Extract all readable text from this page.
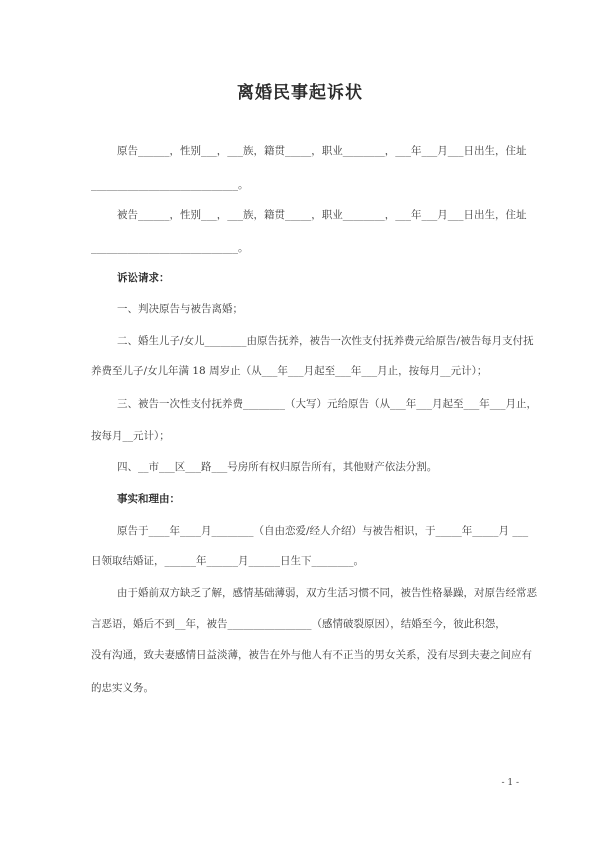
离婚民事起诉状
原告______，性别___，___族，籍贯_____，职业________，___年___月___日出生，住址
____________________________。
被告______，性别___，___族，籍贯_____，职业________，___年___月___日出生，住址
____________________________。
诉讼请求：
一、判决原告与被告离婚；
二、婚生儿子/女儿________由原告抚养，被告一次性支付抚养费元给原告/被告每月支付抚
养费至儿子/女儿年满 18 周岁止（从___年___月起至___年___月止，按每月__元计）；
三、被告一次性支付抚养费________（大写）元给原告（从___年___月起至___年___月止，
按每月__元计）；
四、__市___区___路___号房所有权归原告所有，其他财产依法分割。
事实和理由：
原告于____年____月________（自由恋爱/经人介绍）与被告相识，于_____年_____月 ___
日领取结婚证，______年______月______日生下________。
由于婚前双方缺乏了解，感情基础薄弱，双方生活习惯不同，被告性格暴躁，对原告经常恶
言恶语，婚后不到__年，被告________________（感情破裂原因），结婚至今，彼此积怨，
没有沟通，致夫妻感情日益淡薄，被告在外与他人有不正当的男女关系，没有尽到夫妻之间应有
的忠实义务。
- 1 -
